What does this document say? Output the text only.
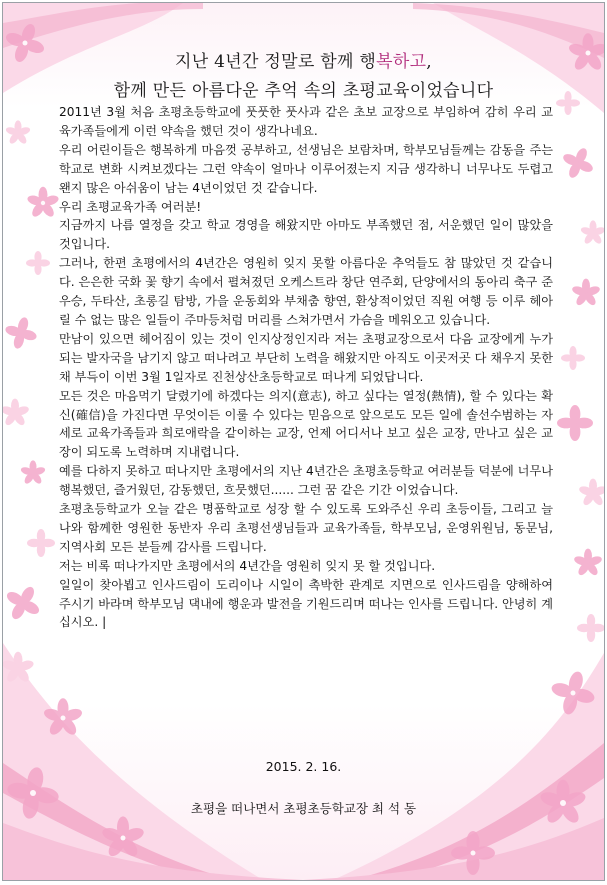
지난 4년간 정말로 함께 행복하고,
함께 만든 아름다운 추억 속의 초평교육이었습니다

2011년 3월 처음 초평초등학교에 풋풋한 풋사과 같은 초보 교장으로 부임하여 감히 우리 교육가족들에게 이런 약속을 했던 것이 생각나네요.

우리 어린이들은 행복하게 마음껏 공부하고, 선생님은 보람차며, 학부모님들께는 감동을 주는 학교로 변화 시켜보겠다는 그런 약속이 얼마나 이루어졌는지 지금 생각하니 너무나도 두렵고 왠지 많은 아쉬움이 남는 4년이었던 것 같습니다.

우리 초평교육가족 여러분!

지금까지 나름 열정을 갖고 학교 경영을 해왔지만 아마도 부족했던 점, 서운했던 일이 많았을 것입니다.

그러나, 한편 초평에서의 4년간은 영원히 잊지 못할 아름다운 추억들도 참 많았던 것 같습니다. 은은한 국화 꽃 향기 속에서 펼쳐졌던 오케스트라 창단 연주회, 단양에서의 동아리 축구 준우승, 두타산, 초롱길 탐방, 가을 운동회와 부채춤 향연, 환상적이었던 직원 여행 등 이루 헤아릴 수 없는 많은 일들이 주마등처럼 머리를 스쳐가면서 가슴을 메워오고 있습니다.

만남이 있으면 헤어짐이 있는 것이 인지상정인지라 저는 초평교장으로서 다음 교장에게 누가되는 발자국을 남기지 않고 떠나려고 부단히 노력을 해왔지만 아직도 이곳저곳 다 채우지 못한 채 부득이 이번 3월 1일자로 진천상산초등학교로 떠나게 되었답니다.

모든 것은 마음먹기 달렸기에 하겠다는 의지(意志), 하고 싶다는 열정(熱情), 할 수 있다는 확신(確信)을 가진다면 무엇이든 이룰 수 있다는 믿음으로 앞으로도 모든 일에 솔선수범하는 자세로 교육가족들과 희로애락을 같이하는 교장, 언제 어디서나 보고 싶은 교장, 만나고 싶은 교장이 되도록 노력하며 지내렵니다.

예를 다하지 못하고 떠나지만 초평에서의 지난 4년간은 초평초등학교 여러분들 덕분에 너무나 행복했던, 즐거웠던, 감동했던, 흐뭇했던...... 그런 꿈 같은 기간 이었습니다.

초평초등학교가 오늘 같은 명품학교로 성장 할 수 있도록 도와주신 우리 초등이들, 그리고 늘 나와 함께한 영원한 동반자 우리 초평선생님들과 교육가족들, 학부모님, 운영위원님, 동문님, 지역사회 모든 분들께 감사를 드립니다.

저는 비록 떠나가지만 초평에서의 4년간을 영원히 잊지 못 할 것입니다.

일일이 찾아뵙고 인사드림이 도리이나 시일이 촉박한 관계로 지면으로 인사드림을 양해하여 주시기 바라며 학부모님 댁내에 행운과 발전을 기원드리며 떠나는 인사를 드립니다. 안녕히 계십시오. |

2015. 2. 16.
초평을 떠나면서 초평초등학교장 최 석 동
